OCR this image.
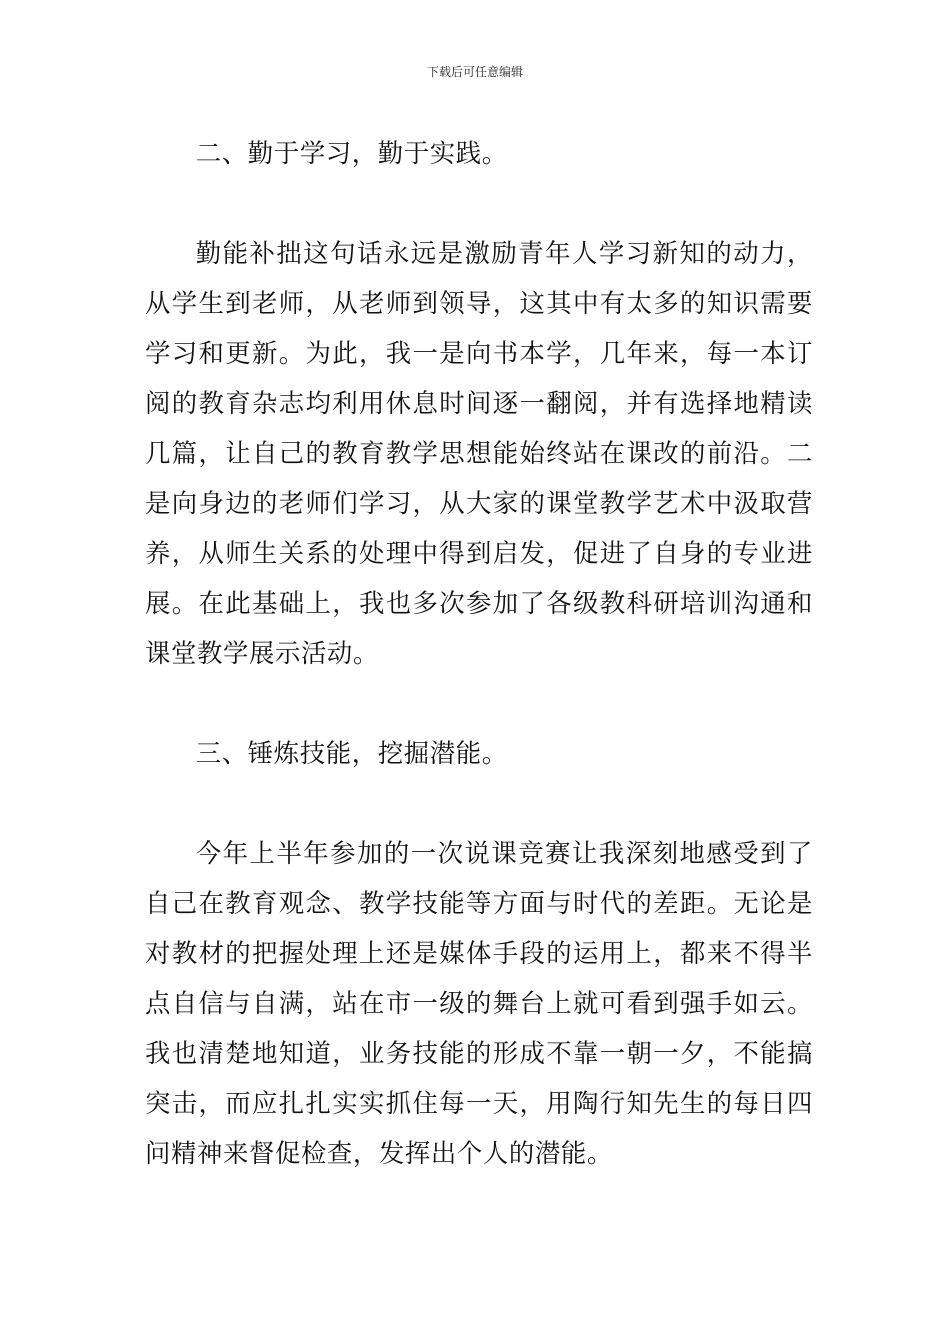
下载后可任意编辑

二、勤于学习，勤于实践。

勤能补拙这句话永远是激励青年人学习新知的动力，从学生到老师，从老师到领导，这其中有太多的知识需要学习和更新。为此，我一是向书本学，几年来，每一本订阅的教育杂志均利用休息时间逐一翻阅，并有选择地精读几篇，让自己的教育教学思想能始终站在课改的前沿。二是向身边的老师们学习，从大家的课堂教学艺术中汲取营养，从师生关系的处理中得到启发，促进了自身的专业进展。在此基础上，我也多次参加了各级教科研培训沟通和课堂教学展示活动。

三、锤炼技能，挖掘潜能。

今年上半年参加的一次说课竞赛让我深刻地感受到了自己在教育观念、教学技能等方面与时代的差距。无论是对教材的把握处理上还是媒体手段的运用上，都来不得半点自信与自满，站在市一级的舞台上就可看到强手如云。我也清楚地知道，业务技能的形成不靠一朝一夕，不能搞突击，而应扎扎实实抓住每一天，用陶行知先生的每日四问精神来督促检查，发挥出个人的潜能。
